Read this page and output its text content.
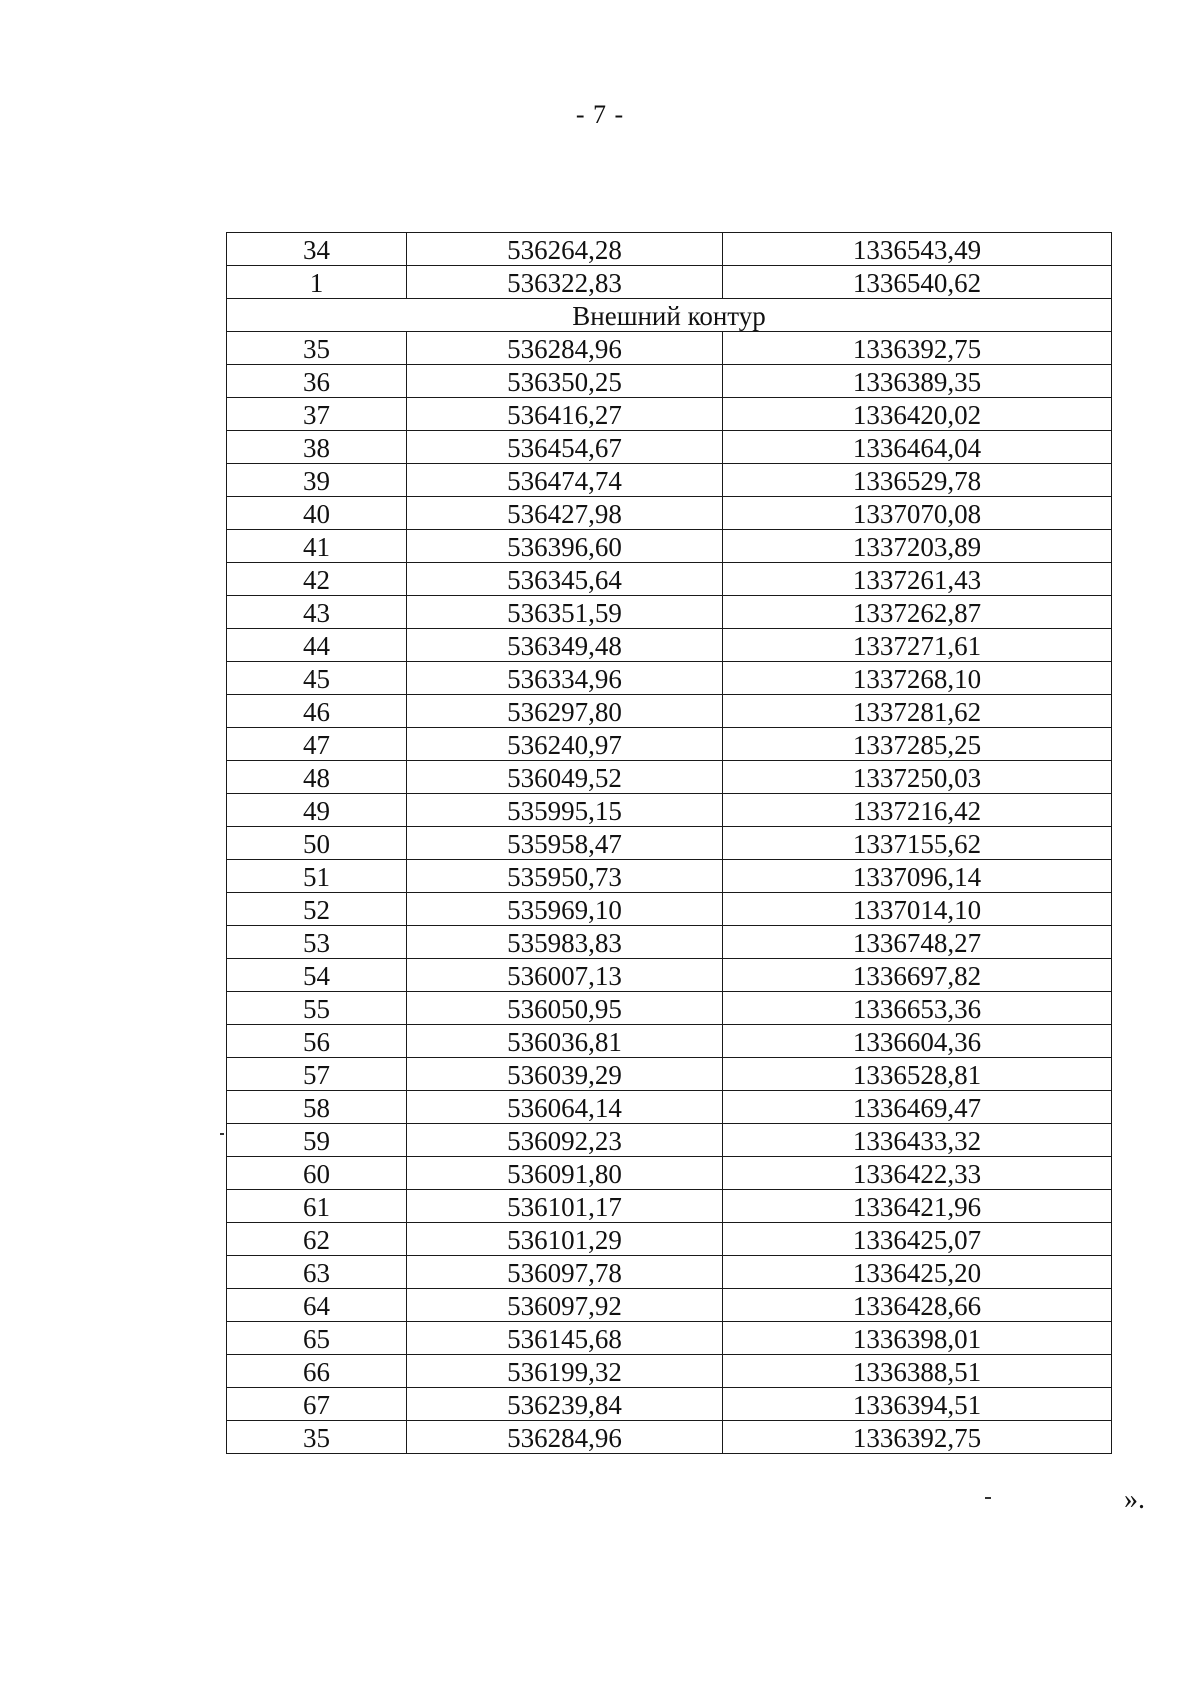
- 7 -
34	536264,28	1336543,49
1	536322,83	1336540,62
Внешний контур		
35	536284,96	1336392,75
36	536350,25	1336389,35
37	536416,27	1336420,02
38	536454,67	1336464,04
39	536474,74	1336529,78
40	536427,98	1337070,08
41	536396,60	1337203,89
42	536345,64	1337261,43
43	536351,59	1337262,87
44	536349,48	1337271,61
45	536334,96	1337268,10
46	536297,80	1337281,62
47	536240,97	1337285,25
48	536049,52	1337250,03
49	535995,15	1337216,42
50	535958,47	1337155,62
51	535950,73	1337096,14
52	535969,10	1337014,10
53	535983,83	1336748,27
54	536007,13	1336697,82
55	536050,95	1336653,36
56	536036,81	1336604,36
57	536039,29	1336528,81
58	536064,14	1336469,47
59	536092,23	1336433,32
60	536091,80	1336422,33
61	536101,17	1336421,96
62	536101,29	1336425,07
63	536097,78	1336425,20
64	536097,92	1336428,66
65	536145,68	1336398,01
66	536199,32	1336388,51
67	536239,84	1336394,51
35	536284,96	1336392,75
».
